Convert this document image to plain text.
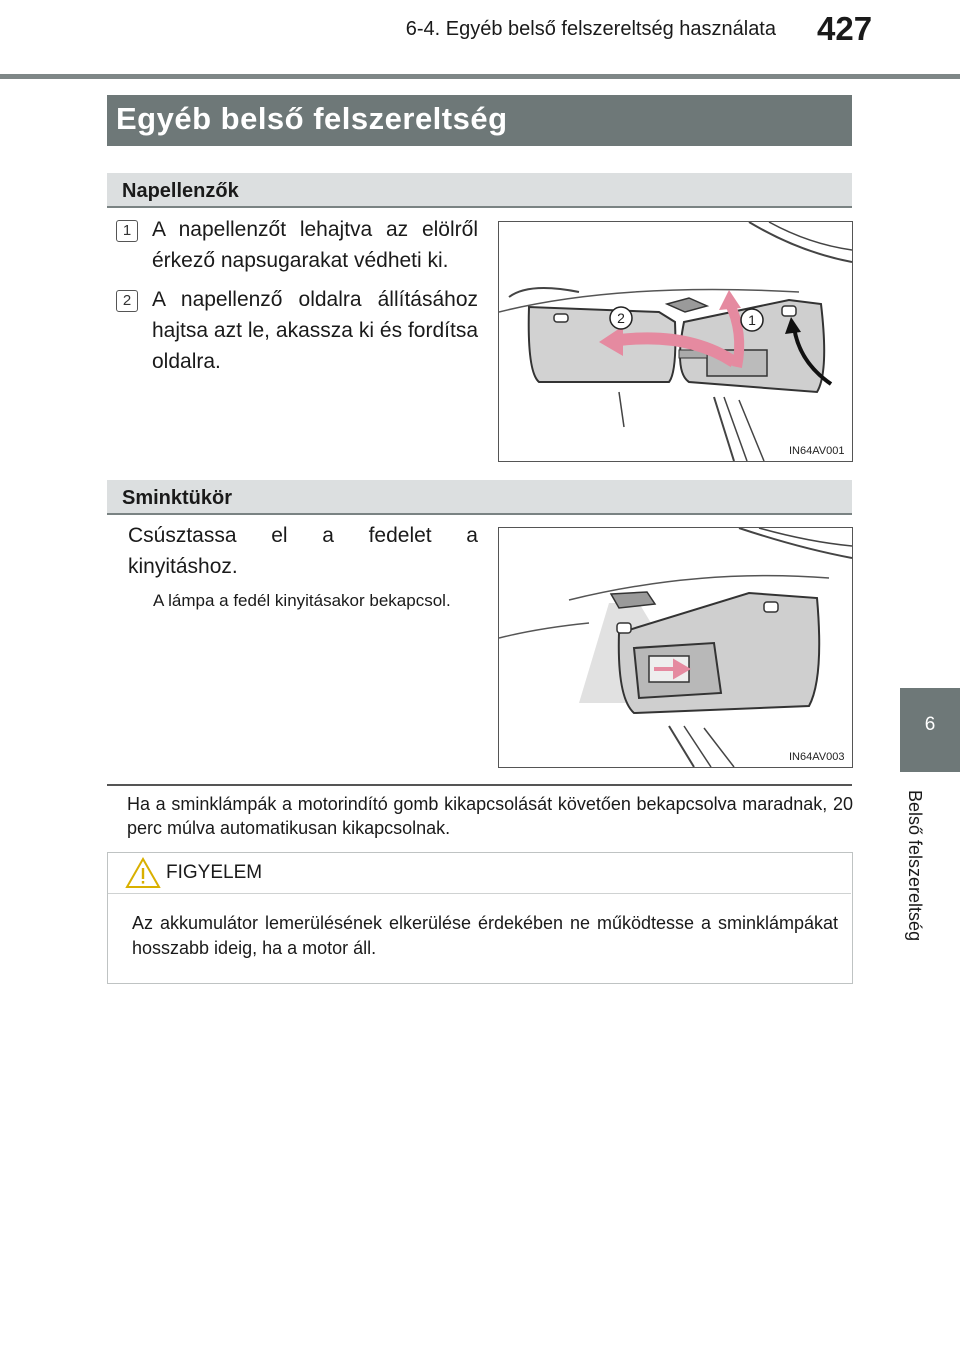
6-4. Egyéb belső felszereltség használata 427
Egyéb belső felszereltség
Napellenzők
1 A napellenzőt lehajtva az elölről érkező napsugarakat védheti ki.
2 A napellenző oldalra állításához hajtsa azt le, akassza ki és fordítsa oldalra.
2	1
IN64AV001
Sminktükör
Csúsztassa el a fedelet a kinyitáshoz.
A lámpa a fedél kinyitásakor bekapcsol.
IN64AV003
Ha a sminklámpák a motorindító gomb kikapcsolását követően bekapcsolva maradnak, 20 perc múlva automatikusan kikapcsolnak.
FIGYELEM
Az akkumulátor lemerülésének elkerülése érdekében ne működtesse a sminklámpákat hosszabb ideig, ha a motor áll.
6
Belső felszereltség
